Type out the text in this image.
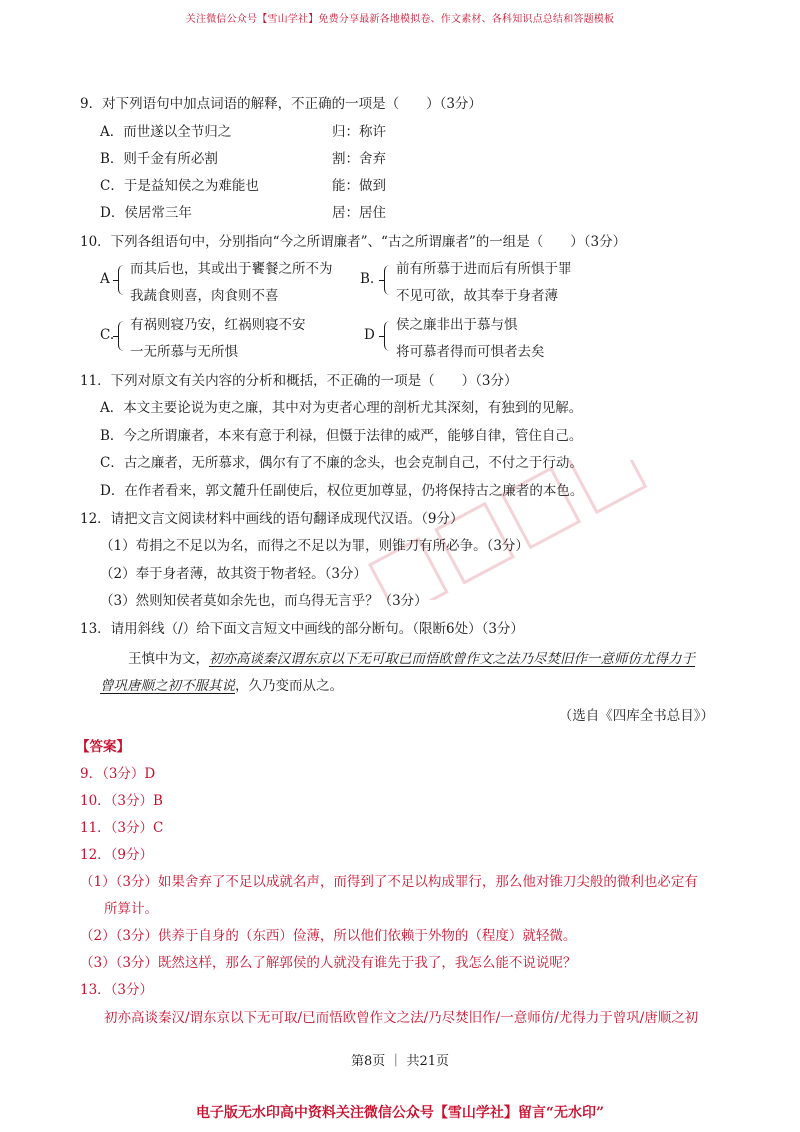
关注微信公众号【雪山学社】免费分享最新各地模拟卷、作文素材、各科知识点总结和答题模板
9．对下列语句中加点词语的解释，不正确的一项是（　　）（3分）
A．而世遂以全节归之	归：称许
B．则千金有所必割	割：舍弃
C．于是益知侯之为难能也	能：做到
D．侯居常三年	居：居住
10．下列各组语句中，分别指向“今之所谓廉者”、“古之所谓廉者”的一组是（　　）（3分）
A
而其后也，其或出于饔餐之所不为
我蔬食则喜，肉食则不喜
B.
前有所慕于进而后有所惧于罪
不见可欲，故其奉于身者薄
C.
有祸则寝乃安，红祸则寝不安
一无所慕与无所惧
D
侯之廉非出于慕与惧
将可慕者得而可惧者去矣
11．下列对原文有关内容的分析和概括，不正确的一项是（　　）（3分）
A．本文主要论说为吏之廉，其中对为吏者心理的剖析尤其深刻，有独到的见解。
B．今之所谓廉者，本来有意于利禄，但慑于法律的威严，能够自律，管住自己。
C．古之廉者，无所慕求，偶尔有了不廉的念头，也会克制自己，不付之于行动。
D．在作者看来，郭文麓升任副使后，权位更加尊显，仍将保持古之廉者的本色。
12．请把文言文阅读材料中画线的语句翻译成现代汉语。（9分）
（1）苟捐之不足以为名，而得之不足以为罪，则锥刀有所必争。（3分）
（2）奉于身者薄，故其资于物者轻。（3分）
（3）然则知侯者莫如余先也，而乌得无言乎？（3分）
13．请用斜线（/）给下面文言短文中画线的部分断句。（限断6处）（3分）
王慎中为文，初亦高谈秦汉谓东京以下无可取已而悟欧曾作文之法乃尽焚旧作一意师仿尤得力于
曾巩唐顺之初不服其说，久乃变而从之。
（选自《四库全书总目》）
【答案】
9．（3分）D
10．（3分）B
11．（3分）C
12．（9分）
（1）（3分）如果舍弃了不足以成就名声，而得到了不足以构成罪行，那么他对锥刀尖般的微利也必定有
所算计。
（2）（3分）供养于自身的（东西）俭薄，所以他们依赖于外物的（程度）就轻微。
（3）（3分）既然这样，那么了解郭侯的人就没有谁先于我了，我怎么能不说说呢？
13．（3分）
初亦高谈秦汉/谓东京以下无可取/已而悟欧曾作文之法/乃尽焚旧作/一意师仿/尤得力于曾巩/唐顺之初
第8页 ｜ 共21页
电子版无水印高中资料关注微信公众号【雪山学社】留言“无水印”
